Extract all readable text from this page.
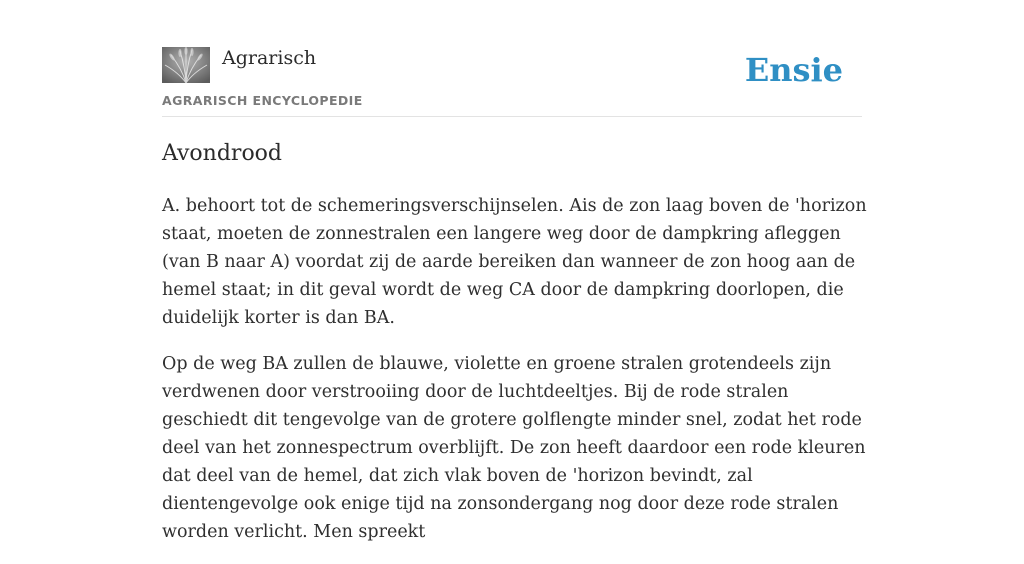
Agrarisch
AGRARISCH ENCYCLOPEDIE
Ensie
Avondrood

A. behoort tot de schemeringsverschijnselen. Ais de zon laag boven de 'horizon staat, moeten de zonnestralen een langere weg door de dampkring afleggen (van B naar A) voordat zij de aarde bereiken dan wanneer de zon hoog aan de hemel staat; in dit geval wordt de weg CA door de dampkring doorlopen, die duidelijk korter is dan BA.

Op de weg BA zullen de blauwe, violette en groene stralen grotendeels zijn verdwenen door verstrooiing door de luchtdeeltjes. Bij de rode stralen geschiedt dit tengevolge van de grotere golflengte minder snel, zodat het rode deel van het zonnespectrum overblijft. De zon heeft daardoor een rode kleuren dat deel van de hemel, dat zich vlak boven de 'horizon bevindt, zal dientengevolge ook enige tijd na zonsondergang nog door deze rode stralen worden verlicht. Men spreekt
